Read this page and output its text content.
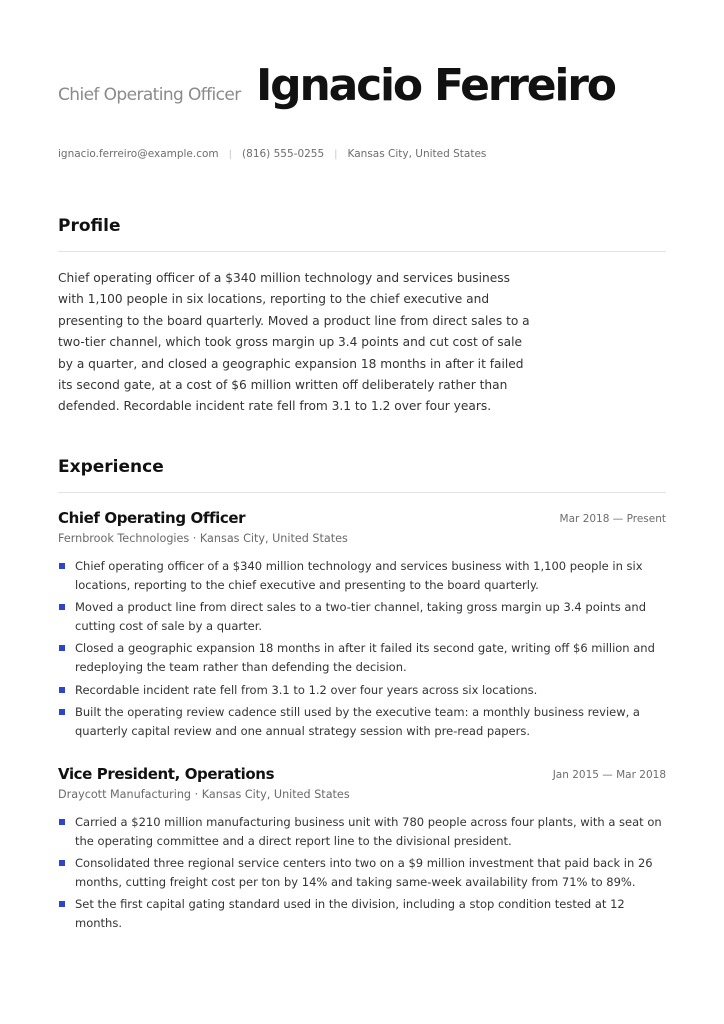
Chief Operating Officer Ignacio Ferreiro
ignacio.ferreiro@example.com | (816) 555-0255 | Kansas City, United States
Profile
Chief operating officer of a $340 million technology and services business with 1,100 people in six locations, reporting to the chief executive and presenting to the board quarterly. Moved a product line from direct sales to a two-tier channel, which took gross margin up 3.4 points and cut cost of sale by a quarter, and closed a geographic expansion 18 months in after it failed its second gate, at a cost of $6 million written off deliberately rather than defended. Recordable incident rate fell from 3.1 to 1.2 over four years.
Experience
Chief Operating Officer	Mar 2018 — Present
Fernbrook Technologies · Kansas City, United States
Chief operating officer of a $340 million technology and services business with 1,100 people in six locations, reporting to the chief executive and presenting to the board quarterly.
Moved a product line from direct sales to a two-tier channel, taking gross margin up 3.4 points and cutting cost of sale by a quarter.
Closed a geographic expansion 18 months in after it failed its second gate, writing off $6 million and redeploying the team rather than defending the decision.
Recordable incident rate fell from 3.1 to 1.2 over four years across six locations.
Built the operating review cadence still used by the executive team: a monthly business review, a quarterly capital review and one annual strategy session with pre-read papers.
Vice President, Operations	Jan 2015 — Mar 2018
Draycott Manufacturing · Kansas City, United States
Carried a $210 million manufacturing business unit with 780 people across four plants, with a seat on the operating committee and a direct report line to the divisional president.
Consolidated three regional service centers into two on a $9 million investment that paid back in 26 months, cutting freight cost per ton by 14% and taking same-week availability from 71% to 89%.
Set the first capital gating standard used in the division, including a stop condition tested at 12 months.
